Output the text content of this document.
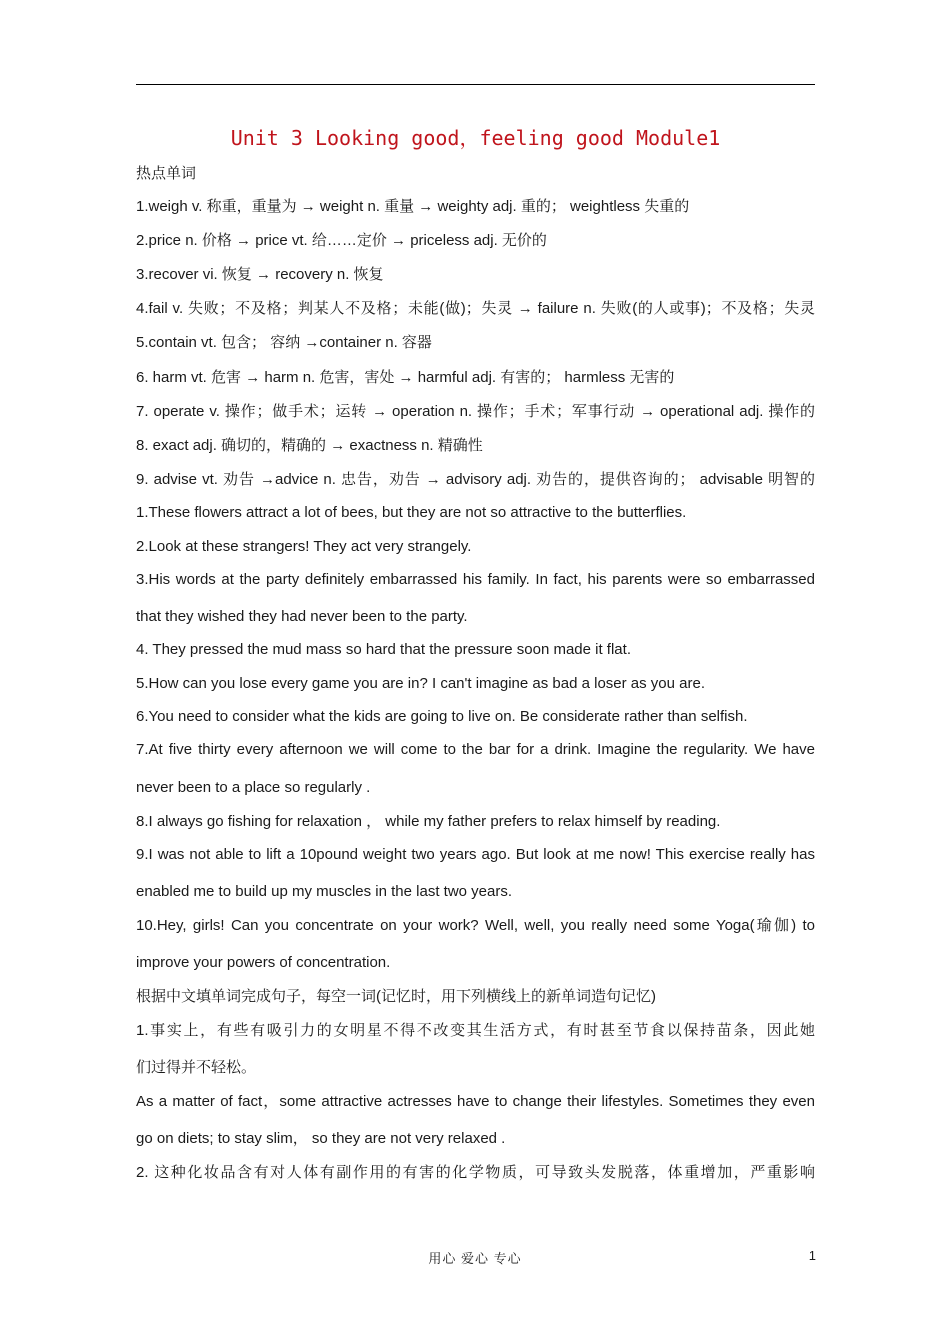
Unit 3 Looking good，feeling good Module1
热点单词
1.weigh v. 称重，重量为 → weight n. 重量 → weighty adj. 重的； weightless 失重的
2.price n. 价格 → price vt. 给……定价 → priceless adj. 无价的
3.recover vi. 恢复 → recovery n. 恢复
4.fail v. 失败；不及格；判某人不及格；未能(做)；失灵 → failure n. 失败(的人或事)；不及格；失灵
5.contain vt. 包含； 容纳 →container n. 容器
6. harm vt. 危害 → harm n. 危害，害处 → harmful adj. 有害的； harmless 无害的
7. operate v. 操作；做手术；运转 → operation n. 操作；手术；军事行动 → operational adj. 操作的
8. exact adj. 确切的，精确的 → exactness n. 精确性
9. advise vt. 劝告 →advice n. 忠告，劝告 → advisory adj. 劝告的，提供咨询的； advisable 明智的
1.These flowers attract a lot of bees, but they are not so attractive to the butterflies.
2.Look at these strangers! They act very strangely.
3.His words at the party definitely embarrassed his family. In fact, his parents were so embarrassed
that they wished they had never been to the party.
4. They pressed the mud mass so hard that the pressure soon made it flat.
5.How can you lose every game you are in? I can't imagine as bad a loser as you are.
6.You need to consider what the kids are going to live on. Be considerate rather than selfish.
7.At five thirty every afternoon we will come to the bar for a drink. Imagine the regularity. We have
never been to a place so regularly .
8.I always go fishing for relaxation ， while my father prefers to relax himself by reading.
9.I was not able to lift a 10pound weight two years ago. But look at me now! This exercise really has
enabled me to build up my muscles in the last two years.
10.Hey, girls! Can you concentrate on your work? Well, well, you really need some Yoga(瑜伽) to
improve your powers of concentration.
根据中文填单词完成句子，每空一词(记忆时，用下列横线上的新单词造句记忆)
1.事实上，有些有吸引力的女明星不得不改变其生活方式，有时甚至节食以保持苗条，因此她
们过得并不轻松。
As a matter of fact，some attractive actresses have to change their lifestyles. Sometimes they even
go on diets; to stay slim， so they are not very relaxed .
2. 这种化妆品含有对人体有副作用的有害的化学物质，可导致头发脱落，体重增加，严重影响
用心 爱心 专心	1
